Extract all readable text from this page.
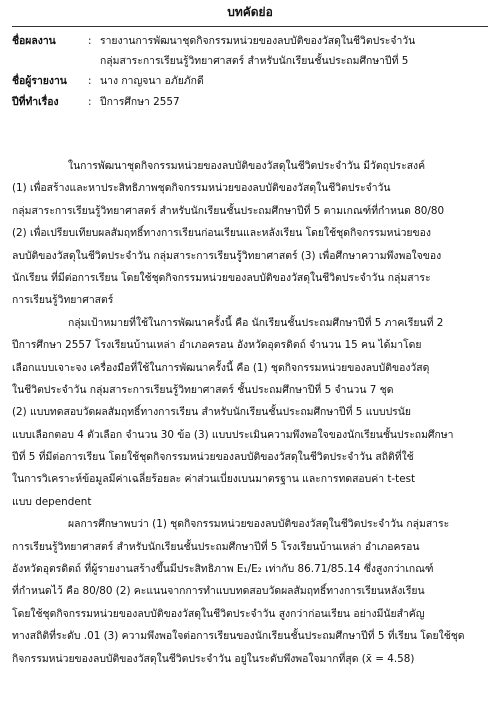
บทคัดย่อ
ชื่อผลงาน	: รายงานการพัฒนาชุดกิจกรรมหน่วยของลบบัติของวัสดุในชีวิตประจำวัน
กลุ่มสาระการเรียนรู้วิทยาศาสตร์ สำหรับนักเรียนชั้นประถมศึกษาปีที่ 5
ชื่อผู้รายงาน	: นาง กาญจนา อภัยภักดี
ปีที่ทำเรื่อง	: ปีการศึกษา 2557
ในการพัฒนาชุดกิจกรรมหน่วยของลบบัติของวัสดุในชีวิตประจำวัน มีวัตถุประสงค์
(1) เพื่อสร้างและหาประสิทธิภาพชุดกิจกรรมหน่วยของลบบัติของวัสดุในชีวิตประจำวัน
กลุ่มสาระการเรียนรู้วิทยาศาสตร์ สำหรับนักเรียนชั้นประถมศึกษาปีที่ 5 ตามเกณฑ์ที่กำหนด 80/80
(2) เพื่อเปรียบเทียบผลสัมฤทธิ์ทางการเรียนก่อนเรียนและหลังเรียน โดยใช้ชุดกิจกรรมหน่วยของ
ลบบัติของวัสดุในชีวิตประจำวัน กลุ่มสาระการเรียนรู้วิทยาศาสตร์ (3) เพื่อศึกษาความพึงพอใจของ
นักเรียน ที่มีต่อการเรียน โดยใช้ชุดกิจกรรมหน่วยของลบบัติของวัสดุในชีวิตประจำวัน กลุ่มสาระ
การเรียนรู้วิทยาศาสตร์
กลุ่มเป้าหมายที่ใช้ในการพัฒนาครั้งนี้ คือ นักเรียนชั้นประถมศึกษาปีที่ 5 ภาคเรียนที่ 2
ปีการศึกษา 2557 โรงเรียนบ้านเหล่า อำเภอครอน อังหวัดอุตรดิตถ์ จำนวน 15 คน ได้มาโดย
เลือกแบบเจาะจง เครื่องมือที่ใช้ในการพัฒนาครั้งนี้ คือ (1) ชุดกิจกรรมหน่วยของลบบัติของวัสดุ
ในชีวิตประจำวัน กลุ่มสาระการเรียนรู้วิทยาศาสตร์ ชั้นประถมศึกษาปีที่ 5 จำนวน 7 ชุด
(2) แบบทดสอบวัดผลสัมฤทธิ์ทางการเรียน สำหรับนักเรียนชั้นประถมศึกษาปีที่ 5 แบบปรนัย
แบบเลือกตอบ 4 ตัวเลือก จำนวน 30 ข้อ (3) แบบประเมินความพึงพอใจของนักเรียนชั้นประถมศึกษา
ปีที่ 5 ที่มีต่อการเรียน โดยใช้ชุดกิจกรรมหน่วยของลบบัติของวัสดุในชีวิตประจำวัน สถิติที่ใช้
ในการวิเคราะห์ข้อมูลมีค่าเฉลี่ยร้อยละ ค่าส่วนเบี่ยงเบนมาตรฐาน และการทดสอบค่า t-test
แบบ dependent
ผลการศึกษาพบว่า (1) ชุดกิจกรรมหน่วยของลบบัติของวัสดุในชีวิตประจำวัน กลุ่มสาระ
การเรียนรู้วิทยาศาสตร์ สำหรับนักเรียนชั้นประถมศึกษาปีที่ 5 โรงเรียนบ้านเหล่า อำเภอครอน
อังหวัดอุตรดิตถ์ ที่ผู้รายงานสร้างขึ้นมีประสิทธิภาพ E₁/E₂ เท่ากับ 86.71/85.14 ซึ่งสูงกว่าเกณฑ์
ที่กำหนดไว้ คือ 80/80 (2) คะแนนจากการทำแบบทดสอบวัดผลสัมฤทธิ์ทางการเรียนหลังเรียน
โดยใช้ชุดกิจกรรมหน่วยของลบบัติของวัสดุในชีวิตประจำวัน สูงกว่าก่อนเรียน อย่างมีนัยสำคัญ
ทางสถิติที่ระดับ .01 (3) ความพึงพอใจต่อการเรียนของนักเรียนชั้นประถมศึกษาปีที่ 5 ที่เรียน โดยใช้ชุด
กิจกรรมหน่วยของลบบัติของวัสดุในชีวิตประจำวัน อยู่ในระดับพึงพอใจมากที่สุด (x̄ = 4.58)
